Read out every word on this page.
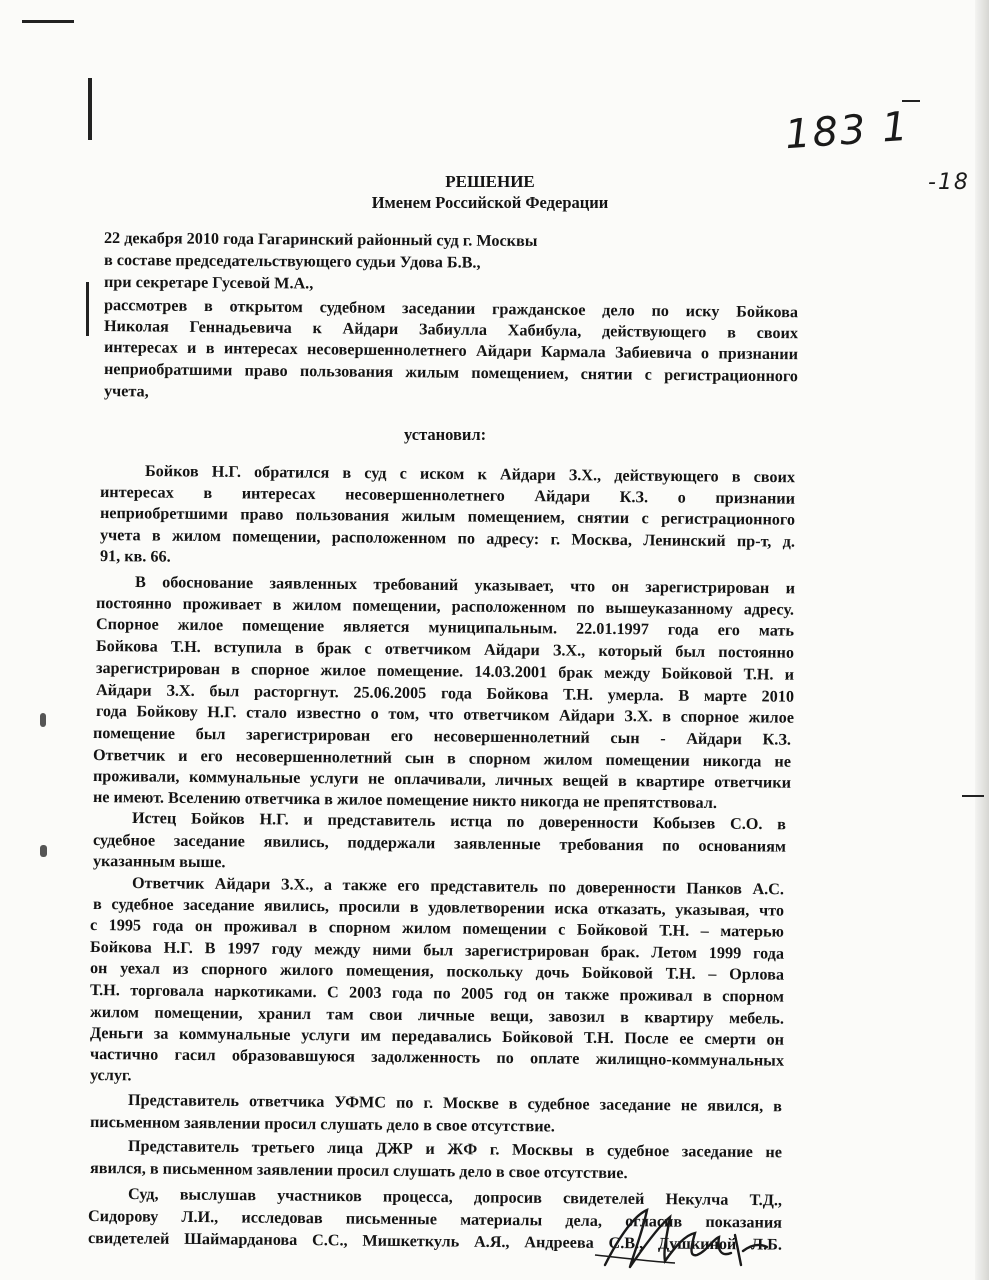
183 1
-18
РЕШЕНИЕ
Именем Российской Федерации
22 декабря 2010 года Гагаринский районный суд г. Москвы
в составе председательствующего судьи Удова Б.В.,
при секретаре Гусевой М.А.,
рассмотрев в открытом судебном заседании гражданское дело по иску Бойкова
Николая Геннадьевича к Айдари Забиулла Хабибула, действующего в своих
интересах и в интересах несовершеннолетнего Айдари Кармала Забиевича о признании
неприобратшими право пользования жилым помещением, снятии с регистрационного
учета,
установил:
Бойков Н.Г. обратился в суд с иском к Айдари З.Х., действующего в своих
интересах в интересах несовершеннолетнего Айдари К.З. о признании
неприобретшими право пользования жилым помещением, снятии с регистрационного
учета в жилом помещении, расположенном по адресу: г. Москва, Ленинский пр-т, д.
91, кв. 66.
В обоснование заявленных требований указывает, что он зарегистрирован и
постоянно проживает в жилом помещении, расположенном по вышеуказанному адресу.
Спорное жилое помещение является муниципальным. 22.01.1997 года его мать
Бойкова Т.Н. вступила в брак с ответчиком Айдари З.Х., который был постоянно
зарегистрирован в спорное жилое помещение. 14.03.2001 брак между Бойковой Т.Н. и
Айдари З.Х. был расторгнут. 25.06.2005 года Бойкова Т.Н. умерла. В марте 2010
года Бойкову Н.Г. стало известно о том, что ответчиком Айдари З.Х. в спорное жилое
помещение был зарегистрирован его несовершеннолетний сын - Айдари К.З.
Ответчик и его несовершеннолетний сын в спорном жилом помещении никогда не
проживали, коммунальные услуги не оплачивали, личных вещей в квартире ответчики
не имеют. Вселению ответчика в жилое помещение никто никогда не препятствовал.
Истец Бойков Н.Г. и представитель истца по доверенности Кобызев С.О. в
судебное заседание явились, поддержали заявленные требования по основаниям
указанным выше.
Ответчик Айдари З.Х., а также его представитель по доверенности Панков А.С.
в судебное заседание явились, просили в удовлетворении иска отказать, указывая, что
с 1995 года он проживал в спорном жилом помещении с Бойковой Т.Н. – матерью
Бойкова Н.Г. В 1997 году между ними был зарегистрирован брак. Летом 1999 года
он уехал из спорного жилого помещения, поскольку дочь Бойковой Т.Н. – Орлова
Т.Н. торговала наркотиками. С 2003 года по 2005 год он также проживал в спорном
жилом помещении, хранил там свои личные вещи, завозил в квартиру мебель.
Деньги за коммунальные услуги им передавались Бойковой Т.Н. После ее смерти он
частично гасил образовавшуюся задолженность по оплате жилищно-коммунальных
услуг.
Представитель ответчика УФМС по г. Москве в судебное заседание не явился, в
письменном заявлении просил слушать дело в свое отсутствие.
Представитель третьего лица ДЖР и ЖФ г. Москвы в судебное заседание не
явился, в письменном заявлении просил слушать дело в свое отсутствие.
Суд, выслушав участников процесса, допросив свидетелей Некулча Т.Д.,
Сидорову Л.И., исследовав письменные материалы дела, огласив показания
свидетелей Шаймарданова С.С., Мишкеткуль А.Я., Андреева С.В., Душкиной Л.Б.
